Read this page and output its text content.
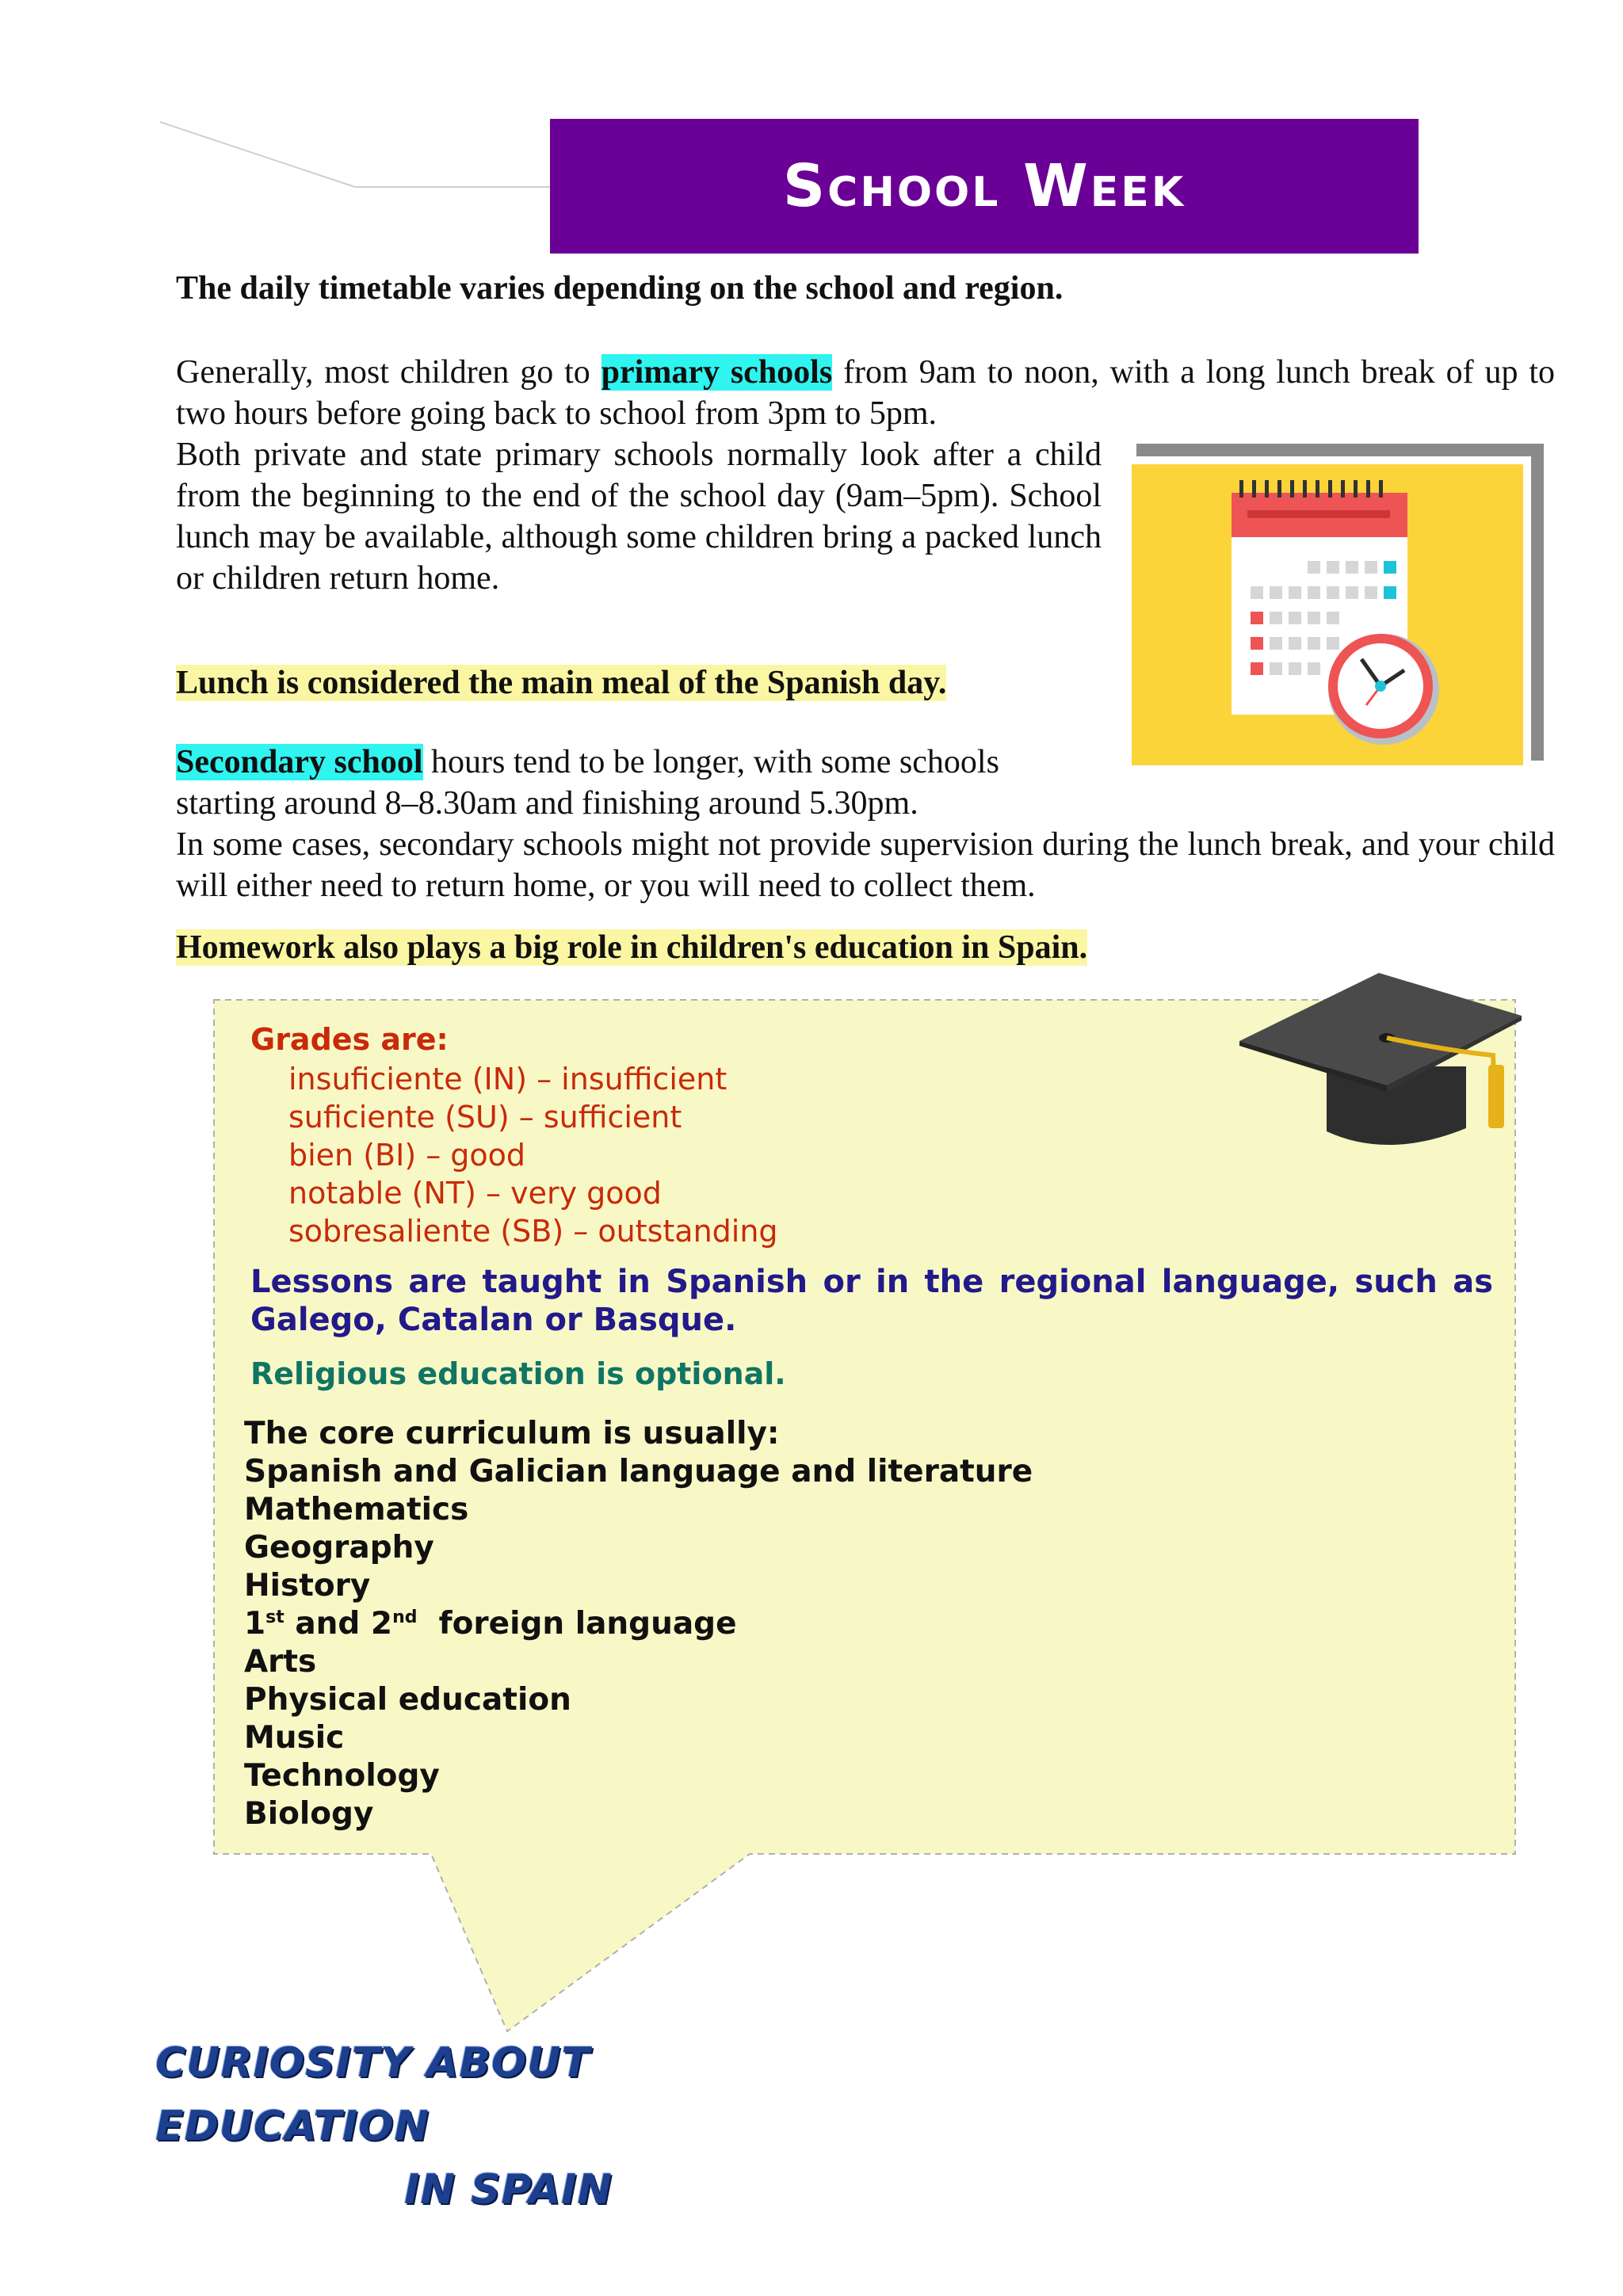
School Week
The daily timetable varies depending on the school and region.
Generally, most children go to primary schools from 9am to noon, with a long lunch break of up to two hours before going back to school from 3pm to 5pm.
Both private and state primary schools normally look after a child from the beginning to the end of the school day (9am–5pm). School lunch may be available, although some children bring a packed lunch or children return home.
Lunch is considered the main meal of the Spanish day.
Secondary school hours tend to be longer, with some schools starting around 8–8.30am and finishing around 5.30pm.
In some cases, secondary schools might not provide supervision during the lunch break, and your child will either need to return home, or you will need to collect them.
Homework also plays a big role in children's education in Spain.
Grades are:
insuficiente (IN) – insufficient
suficiente (SU) – sufficient
bien (BI) – good
notable (NT) – very good
sobresaliente (SB) – outstanding
Lessons are taught in Spanish or in the regional language, such as Galego, Catalan or Basque.
Religious education is optional.
The core curriculum is usually:
Spanish and Galician language and literature
Mathematics
Geography
History
1st and 2nd  foreign language
Arts
Physical education
Music
Technology
Biology
CURIOSITY ABOUT EDUCATION
IN SPAIN
